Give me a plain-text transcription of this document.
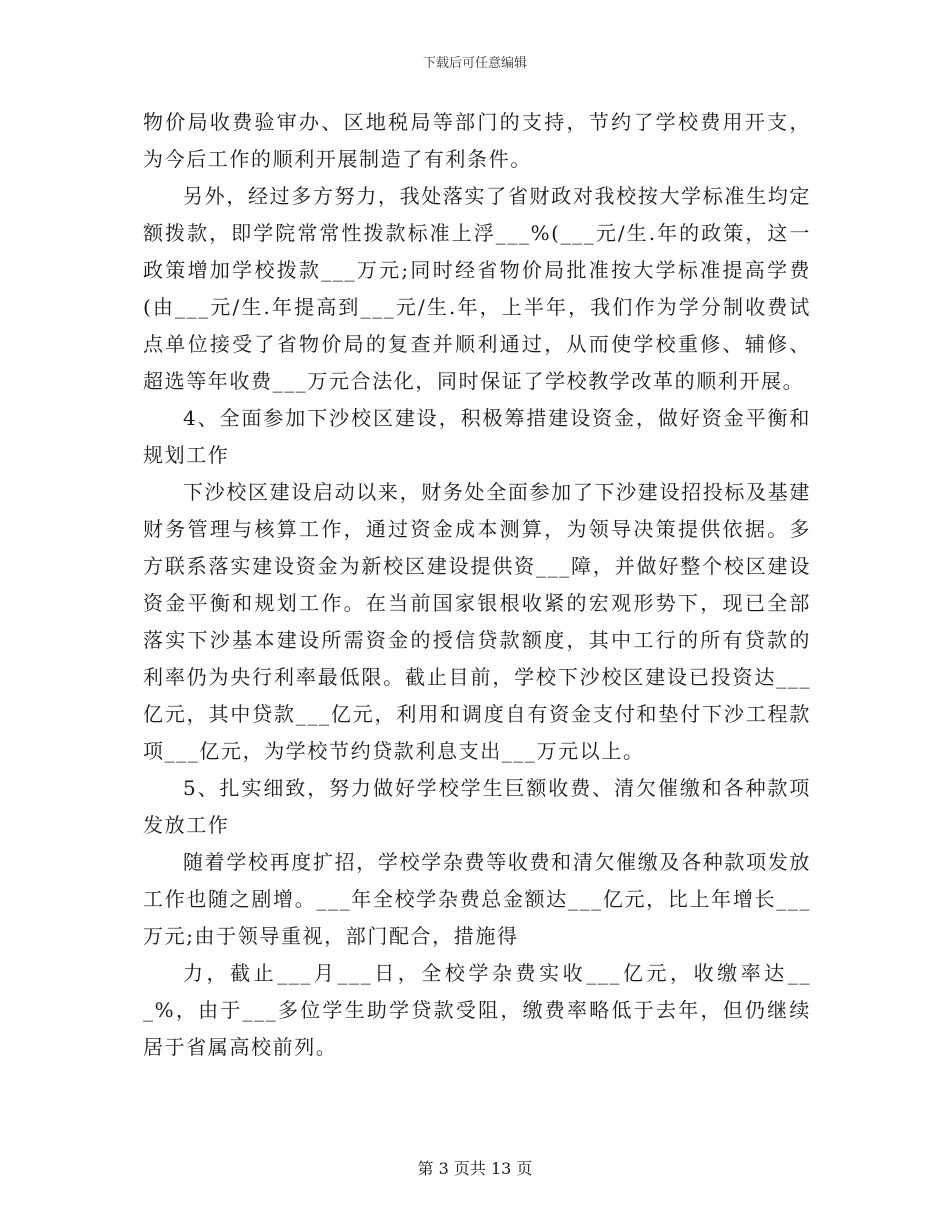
下载后可任意编辑

物价局收费验审办、区地税局等部门的支持，节约了学校费用开支，为今后工作的顺利开展制造了有利条件。

另外，经过多方努力，我处落实了省财政对我校按大学标准生均定额拨款，即学院常常性拨款标准上浮___%(___元/生.年的政策，这一政策增加学校拨款___万元;同时经省物价局批准按大学标准提高学费(由___元/生.年提高到___元/生.年，上半年，我们作为学分制收费试点单位接受了省物价局的复查并顺利通过，从而使学校重修、辅修、超选等年收费___万元合法化，同时保证了学校教学改革的顺利开展。

4、全面参加下沙校区建设，积极筹措建设资金，做好资金平衡和规划工作

下沙校区建设启动以来，财务处全面参加了下沙建设招投标及基建财务管理与核算工作，通过资金成本测算，为领导决策提供依据。多方联系落实建设资金为新校区建设提供资___障，并做好整个校区建设资金平衡和规划工作。在当前国家银根收紧的宏观形势下，现已全部落实下沙基本建设所需资金的授信贷款额度，其中工行的所有贷款的利率仍为央行利率最低限。截止目前，学校下沙校区建设已投资达___亿元，其中贷款___亿元，利用和调度自有资金支付和垫付下沙工程款项___亿元，为学校节约贷款利息支出___万元以上。

5、扎实细致，努力做好学校学生巨额收费、清欠催缴和各种款项发放工作

随着学校再度扩招，学校学杂费等收费和清欠催缴及各种款项发放工作也随之剧增。___年全校学杂费总金额达___亿元，比上年增长___万元;由于领导重视，部门配合，措施得

力，截止___月___日，全校学杂费实收___亿元，收缴率达___%，由于___多位学生助学贷款受阻，缴费率略低于去年，但仍继续居于省属高校前列。

第 3 页共 13 页
